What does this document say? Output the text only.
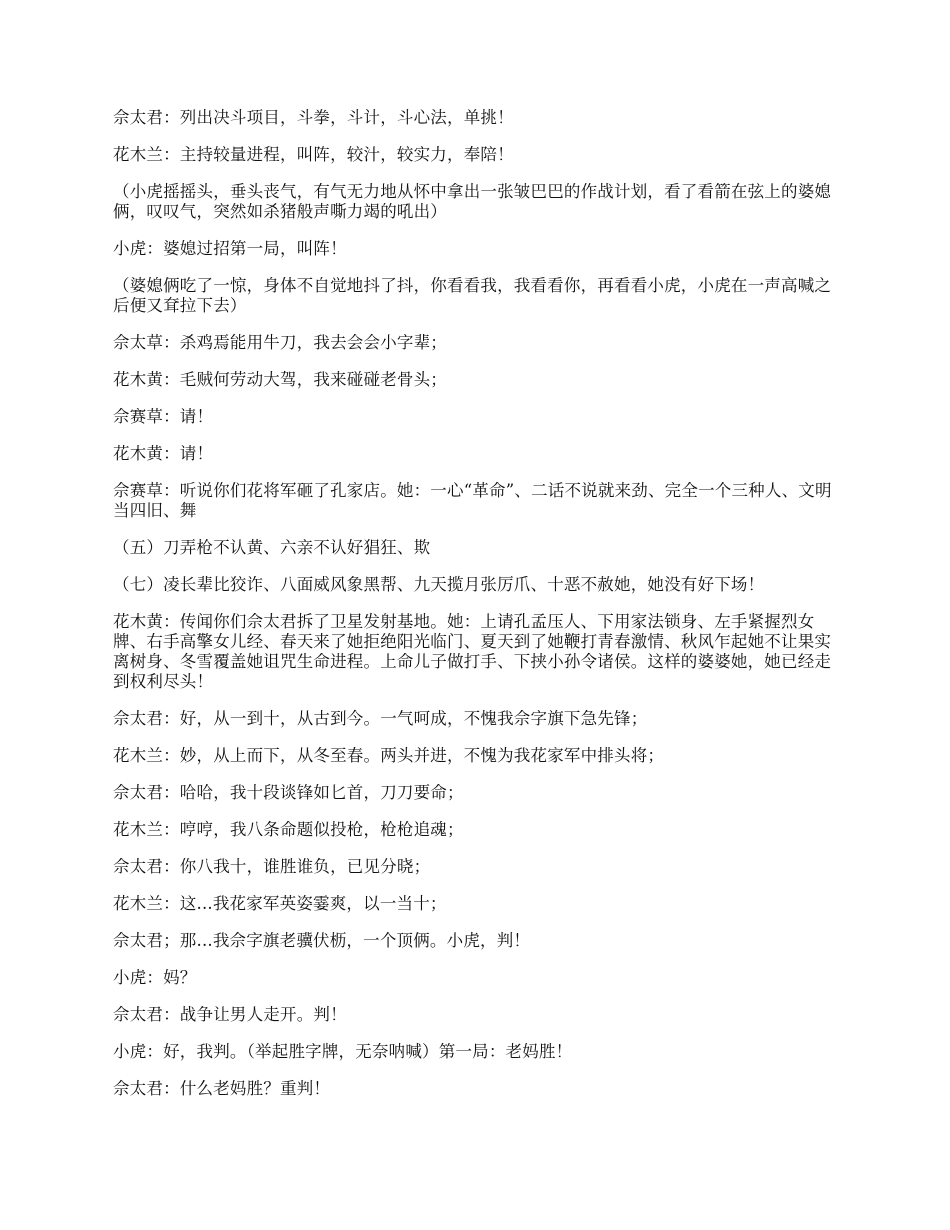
佘太君：列出决斗项目，斗拳，斗计，斗心法，单挑！

花木兰：主持较量进程，叫阵，较汁，较实力，奉陪！

（小虎摇摇头，垂头丧气，有气无力地从怀中拿出一张皱巴巴的作战计划，看了看箭在弦上的婆媳俩，叹叹气，突然如杀猪般声嘶力竭的吼出）

小虎：婆媳过招第一局，叫阵！

（婆媳俩吃了一惊，身体不自觉地抖了抖，你看看我，我看看你，再看看小虎，小虎在一声高喊之后便又耷拉下去）

佘太草：杀鸡焉能用牛刀，我去会会小字辈；

花木黄：毛贼何劳动大驾，我来碰碰老骨头；

佘赛草：请！

花木黄：请！

佘赛草：听说你们花将军砸了孔家店。她：一心“革命”、二话不说就来劲、完全一个三种人、文明当四旧、舞

（五）刀弄枪不认黄、六亲不认好猖狂、欺

（七）凌长辈比狡诈、八面威风象黑帮、九天揽月张厉爪、十恶不赦她，她没有好下场！

花木黄：传闻你们佘太君拆了卫星发射基地。她：上请孔孟压人、下用家法锁身、左手紧握烈女牌、右手高擎女儿经、春天来了她拒绝阳光临门、夏天到了她鞭打青春激情、秋风乍起她不让果实离树身、冬雪覆盖她诅咒生命进程。上命儿子做打手、下挟小孙令诸侯。这样的婆婆她，她已经走到权利尽头！

佘太君：好，从一到十，从古到今。一气呵成，不愧我佘字旗下急先锋；

花木兰：妙，从上而下，从冬至春。两头并进，不愧为我花家军中排头将；

佘太君：哈哈，我十段谈锋如匕首，刀刀要命；

花木兰：哼哼，我八条命题似投枪，枪枪追魂；

佘太君：你八我十，谁胜谁负，已见分晓；

花木兰：这...我花家军英姿霎爽，以一当十；

佘太君；那...我佘字旗老骥伏枥，一个顶俩。小虎，判！

小虎：妈？

佘太君：战争让男人走开。判！

小虎：好，我判。（举起胜字牌，无奈呐喊）第一局：老妈胜！

佘太君：什么老妈胜？重判！
